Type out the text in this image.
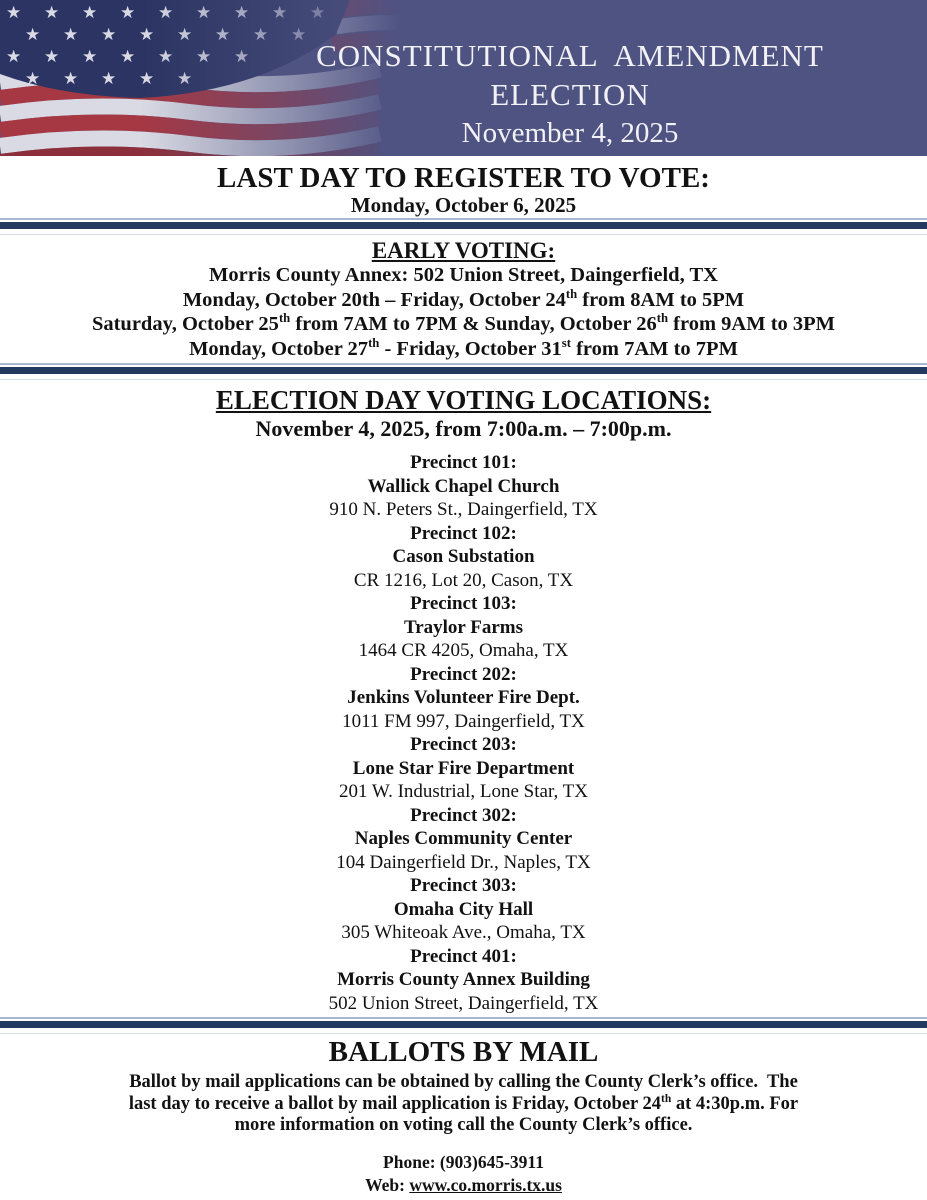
CONSTITUTIONAL  AMENDMENT
ELECTION
November 4, 2025
LAST DAY TO REGISTER TO VOTE:
Monday, October 6, 2025
EARLY VOTING:
Morris County Annex: 502 Union Street, Daingerfield, TX
Monday, October 20th – Friday, October 24th from 8AM to 5PM
Saturday, October 25th from 7AM to 7PM & Sunday, October 26th from 9AM to 3PM
Monday, October 27th - Friday, October 31st from 7AM to 7PM
ELECTION DAY VOTING LOCATIONS:
November 4, 2025, from 7:00a.m. – 7:00p.m.
Precinct 101:
Wallick Chapel Church
910 N. Peters St., Daingerfield, TX
Precinct 102:
Cason Substation
CR 1216, Lot 20, Cason, TX
Precinct 103:
Traylor Farms
1464 CR 4205, Omaha, TX
Precinct 202:
Jenkins Volunteer Fire Dept.
1011 FM 997, Daingerfield, TX
Precinct 203:
Lone Star Fire Department
201 W. Industrial, Lone Star, TX
Precinct 302:
Naples Community Center
104 Daingerfield Dr., Naples, TX
Precinct 303:
Omaha City Hall
305 Whiteoak Ave., Omaha, TX
Precinct 401:
Morris County Annex Building
502 Union Street, Daingerfield, TX
BALLOTS BY MAIL
Ballot by mail applications can be obtained by calling the County Clerk’s office.  The last day to receive a ballot by mail application is Friday, October 24th at 4:30p.m. For more information on voting call the County Clerk’s office.
Phone: (903)645-3911
Web: www.co.morris.tx.us
